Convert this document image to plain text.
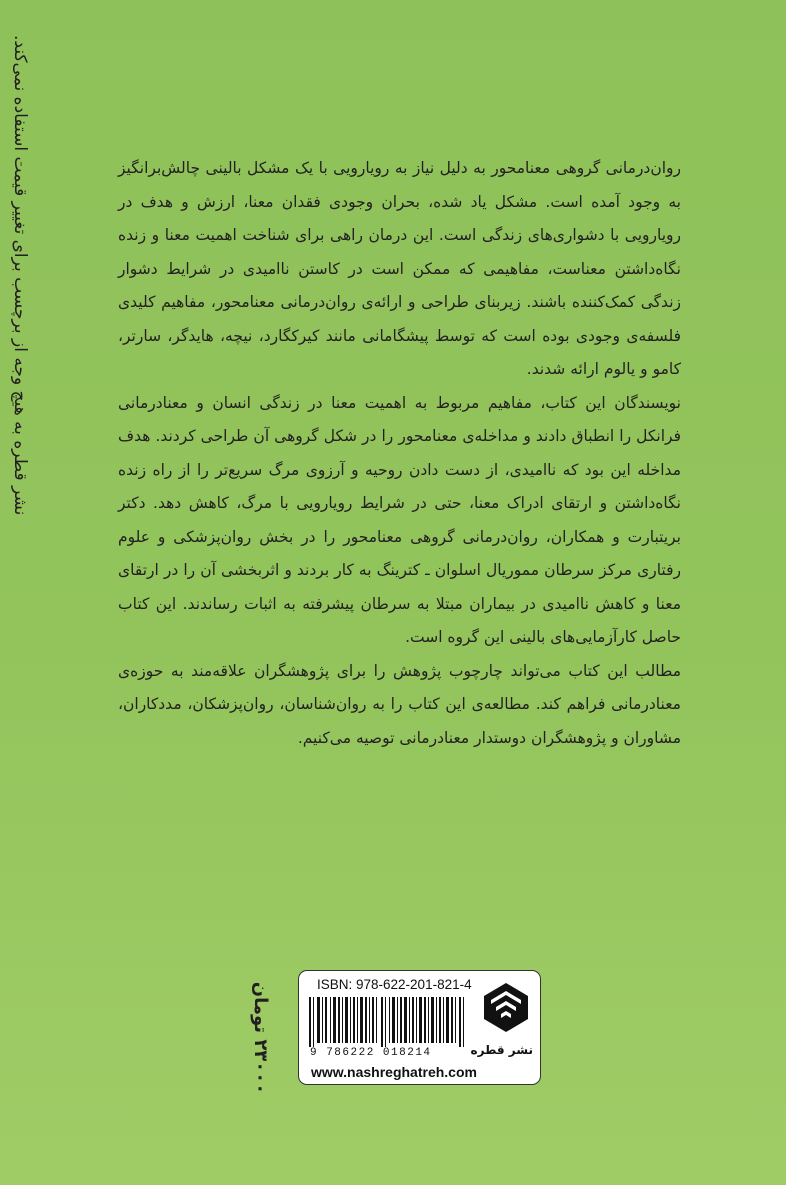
روان‌درمانی گروهی معنامحور به دلیل نیاز به رویارویی با یک مشکل بالینی چالش‌برانگیز به وجود آمده است. مشکل یاد شده، بحران وجودی فقدان معنا، ارزش و هدف در رویارویی با دشواری‌های زندگی است. این درمان راهی برای شناخت اهمیت معنا و زنده نگاه‌داشتن معناست، مفاهیمی که ممکن است در کاستن ناامیدی در شرایط دشوار زندگی کمک‌کننده باشند. زیربنای طراحی و ارائه‌ی روان‌درمانی معنامحور، مفاهیم کلیدی فلسفه‌ی وجودی بوده است که توسط پیشگامانی مانند کیرکگارد، نیچه، هایدگر، سارتر، کامو و یالوم ارائه شدند.

نویسندگان این کتاب، مفاهیم مربوط به اهمیت معنا در زندگی انسان و معنادرمانی فرانکل را انطباق دادند و مداخله‌ی معنامحور را در شکل گروهی آن طراحی کردند. هدف مداخله این بود که ناامیدی، از دست دادن روحیه و آرزوی مرگ سریع‌تر را از راه زنده نگاه‌داشتن و ارتقای ادراک معنا، حتی در شرایط رویارویی با مرگ، کاهش دهد. دکتر بریتبارت و همکاران، روان‌درمانی گروهی معنامحور را در بخش روان‌پزشکی و علوم رفتاری مرکز سرطان مموریال اسلوان ـ کترینگ به کار بردند و اثربخشی آن را در ارتقای معنا و کاهش ناامیدی در بیماران مبتلا به سرطان پیشرفته به اثبات رساندند. این کتاب حاصل کارآزمایی‌های بالینی این گروه است.

مطالب این کتاب می‌تواند چارچوب پژوهش را برای پژوهشگران علاقه‌مند به حوزه‌ی معنادرمانی فراهم کند. مطالعه‌ی این کتاب را به روان‌شناسان، روان‌پزشکان، مددکاران، مشاوران و پژوهشگران دوستدار معنادرمانی توصیه می‌کنیم.

نشر قطره به هیچ وجه از برچسب برای تغییر قیمت استفاده نمی‌کند.
۲۳۰۰۰ تومان
ISBN: 978-622-201-821-4
9 786222 018214
www.nashreghatreh.com
نشر قطره
